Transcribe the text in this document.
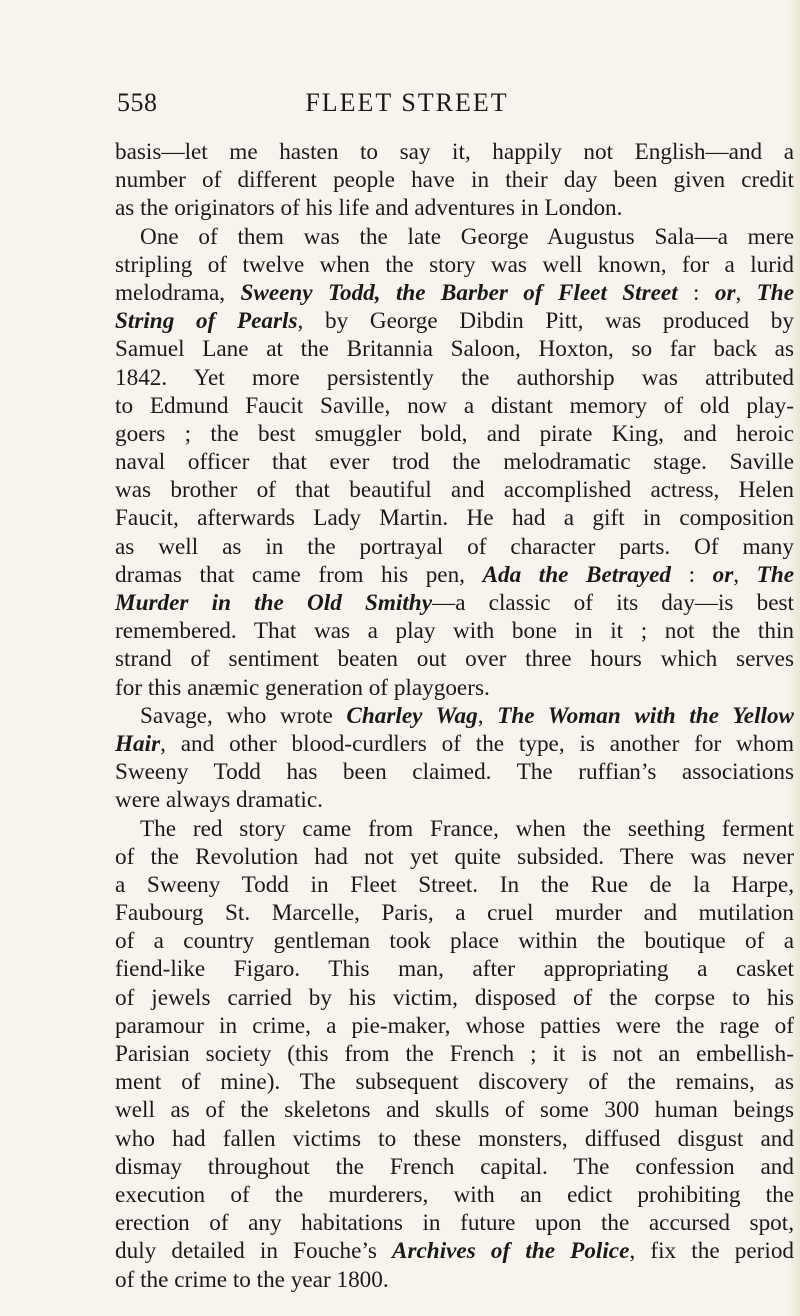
558	FLEET STREET
basis—let me hasten to say it, happily not English—and a
number of different people have in their day been given credit
as the originators of his life and adventures in London.
One of them was the late George Augustus Sala—a mere
stripling of twelve when the story was well known, for a lurid
melodrama, Sweeny Todd, the Barber of Fleet Street : or, The
String of Pearls, by George Dibdin Pitt, was produced by
Samuel Lane at the Britannia Saloon, Hoxton, so far back as
1842. Yet more persistently the authorship was attributed
to Edmund Faucit Saville, now a distant memory of old play-
goers ; the best smuggler bold, and pirate King, and heroic
naval officer that ever trod the melodramatic stage. Saville
was brother of that beautiful and accomplished actress, Helen
Faucit, afterwards Lady Martin. He had a gift in composition
as well as in the portrayal of character parts. Of many
dramas that came from his pen, Ada the Betrayed : or, The
Murder in the Old Smithy—a classic of its day—is best
remembered. That was a play with bone in it ; not the thin
strand of sentiment beaten out over three hours which serves
for this anæmic generation of playgoers.
Savage, who wrote Charley Wag, The Woman with the Yellow
Hair, and other blood-curdlers of the type, is another for whom
Sweeny Todd has been claimed. The ruffian’s associations
were always dramatic.
The red story came from France, when the seething ferment
of the Revolution had not yet quite subsided. There was never
a Sweeny Todd in Fleet Street. In the Rue de la Harpe,
Faubourg St. Marcelle, Paris, a cruel murder and mutilation
of a country gentleman took place within the boutique of a
fiend-like Figaro. This man, after appropriating a casket
of jewels carried by his victim, disposed of the corpse to his
paramour in crime, a pie-maker, whose patties were the rage of
Parisian society (this from the French ; it is not an embellish-
ment of mine). The subsequent discovery of the remains, as
well as of the skeletons and skulls of some 300 human beings
who had fallen victims to these monsters, diffused disgust and
dismay throughout the French capital. The confession and
execution of the murderers, with an edict prohibiting the
erection of any habitations in future upon the accursed spot,
duly detailed in Fouche’s Archives of the Police, fix the period
of the crime to the year 1800.
